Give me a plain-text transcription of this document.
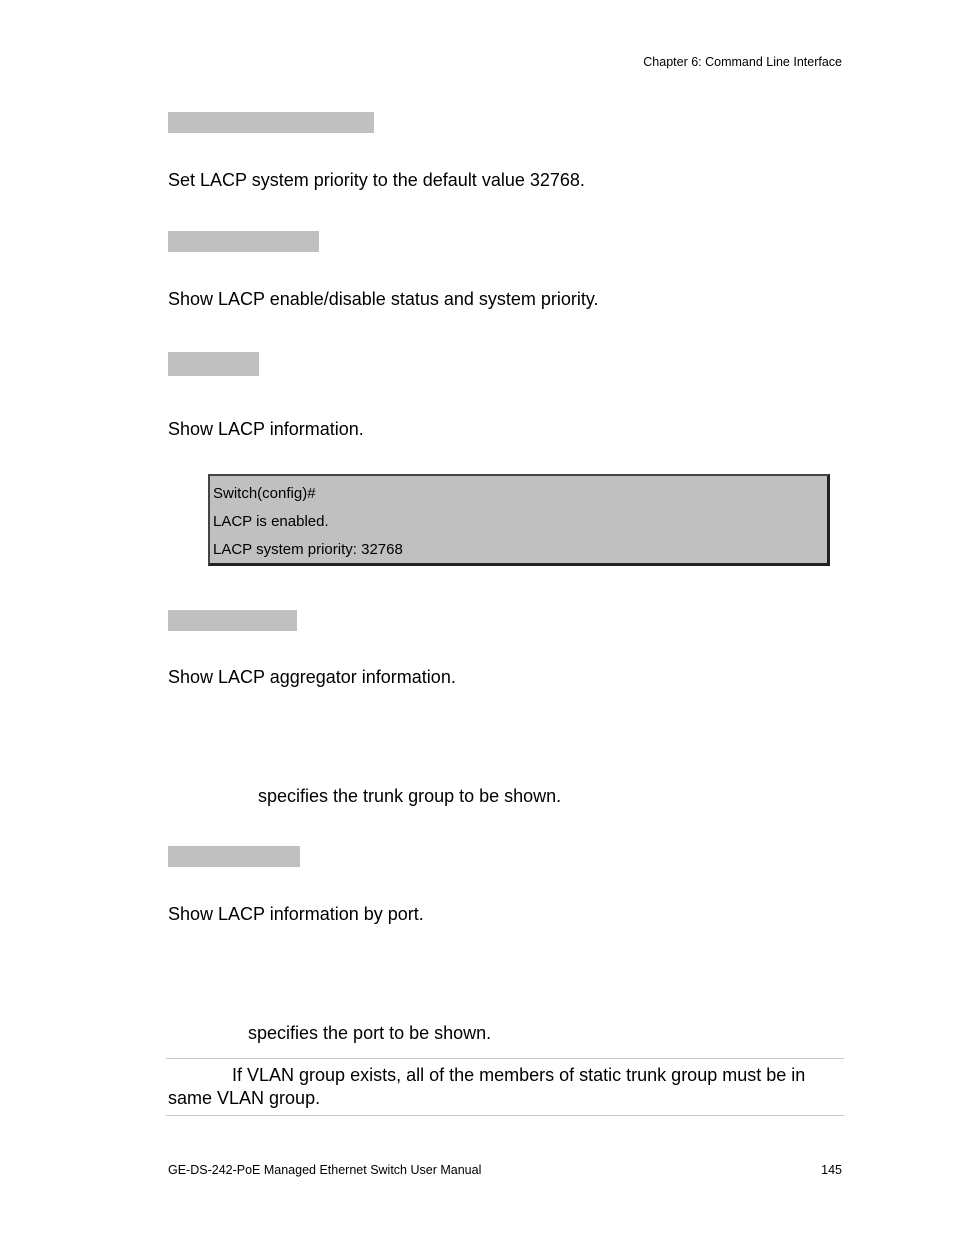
Chapter 6: Command Line Interface
Set LACP system priority to the default value 32768.
Show LACP enable/disable status and system priority.
Show LACP information.
Switch(config)#
LACP is enabled.
LACP system priority: 32768
Show LACP aggregator information.
specifies the trunk group to be shown.
Show LACP information by port.
specifies the port to be shown.
If VLAN group exists, all of the members of static trunk group must be in
same VLAN group.
GE-DS-242-PoE Managed Ethernet Switch User Manual	145
